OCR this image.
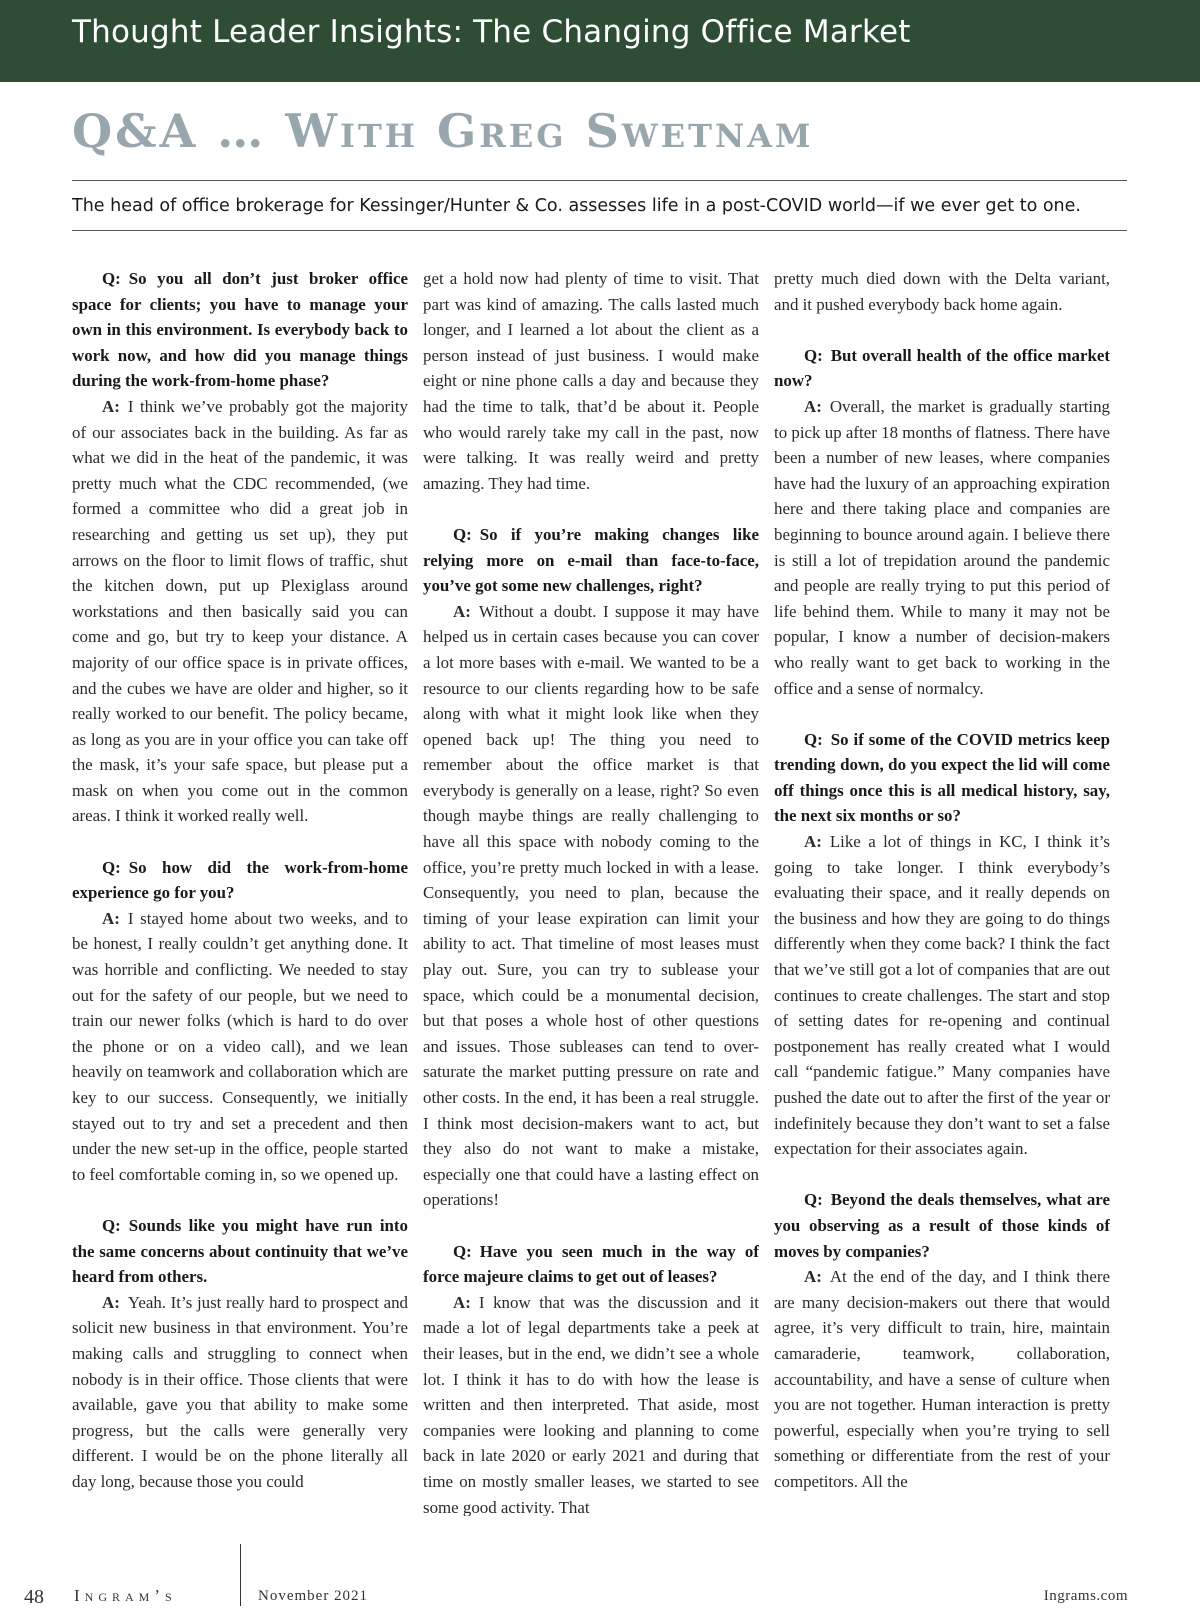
Thought Leader Insights: The Changing Office Market
Q&A … With Greg Swetnam
The head of office brokerage for Kessinger/Hunter & Co. assesses life in a post-COVID world—if we ever get to one.

Q: So you all don’t just broker office space for clients; you have to manage your own in this environment. Is everybody back to work now, and how did you manage things during the work-from-home phase?

A: I think we’ve probably got the majority of our associates back in the building. As far as what we did in the heat of the pandemic, it was pretty much what the CDC recommended, (we formed a committee who did a great job in researching and getting us set up), they put arrows on the floor to limit flows of traffic, shut the kitchen down, put up Plexiglass around workstations and then basically said you can come and go, but try to keep your distance. A majority of our office space is in private offices, and the cubes we have are older and higher, so it really worked to our benefit. The policy became, as long as you are in your office you can take off the mask, it’s your safe space, but please put a mask on when you come out in the common areas. I think it worked really well.

Q: So how did the work-from-home experience go for you?

A: I stayed home about two weeks, and to be honest, I really couldn’t get anything done. It was horrible and conflicting. We needed to stay out for the safety of our people, but we need to train our newer folks (which is hard to do over the phone or on a video call), and we lean heavily on teamwork and collaboration which are key to our success. Consequently, we initially stayed out to try and set a precedent and then under the new set-up in the office, people started to feel comfortable coming in, so we opened up.

Q: Sounds like you might have run into the same concerns about continuity that we’ve heard from others.

A: Yeah. It’s just really hard to prospect and solicit new business in that environment. You’re making calls and struggling to connect when nobody is in their office. Those clients that were available, gave you that ability to make some progress, but the calls were generally very different. I would be on the phone literally all day long, because those you could

get a hold now had plenty of time to visit. That part was kind of amazing. The calls lasted much longer, and I learned a lot about the client as a person instead of just business. I would make eight or nine phone calls a day and because they had the time to talk, that’d be about it. People who would rarely take my call in the past, now were talking. It was really weird and pretty amazing. They had time.

Q: So if you’re making changes like relying more on e-mail than face-to-face, you’ve got some new challenges, right?

A: Without a doubt. I suppose it may have helped us in certain cases because you can cover a lot more bases with e-mail. We wanted to be a resource to our clients regarding how to be safe along with what it might look like when they opened back up! The thing you need to remember about the office market is that everybody is generally on a lease, right? So even though maybe things are really challenging to have all this space with nobody coming to the office, you’re pretty much locked in with a lease. Consequently, you need to plan, because the timing of your lease expiration can limit your ability to act. That timeline of most leases must play out. Sure, you can try to sublease your space, which could be a monumental decision, but that poses a whole host of other questions and issues. Those subleases can tend to over-saturate the market putting pressure on rate and other costs. In the end, it has been a real struggle. I think most decision-makers want to act, but they also do not want to make a mistake, especially one that could have a lasting effect on operations!

Q: Have you seen much in the way of force majeure claims to get out of leases?

A: I know that was the discussion and it made a lot of legal departments take a peek at their leases, but in the end, we didn’t see a whole lot. I think it has to do with how the lease is written and then interpreted. That aside, most companies were looking and planning to come back in late 2020 or early 2021 and during that time on mostly smaller leases, we started to see some good activity. That

pretty much died down with the Delta variant, and it pushed everybody back home again.

Q: But overall health of the office market now?

A: Overall, the market is gradually starting to pick up after 18 months of flatness. There have been a number of new leases, where companies have had the luxury of an approaching expiration here and there taking place and companies are beginning to bounce around again. I believe there is still a lot of trepidation around the pandemic and people are really trying to put this period of life behind them. While to many it may not be popular, I know a number of decision-makers who really want to get back to working in the office and a sense of normalcy.

Q: So if some of the COVID metrics keep trending down, do you expect the lid will come off things once this is all medical history, say, the next six months or so?

A: Like a lot of things in KC, I think it’s going to take longer. I think everybody’s evaluating their space, and it really depends on the business and how they are going to do things differently when they come back? I think the fact that we’ve still got a lot of companies that are out continues to create challenges. The start and stop of setting dates for re-opening and continual postponement has really created what I would call “pandemic fatigue.” Many companies have pushed the date out to after the first of the year or indefinitely because they don’t want to set a false expectation for their associates again.

Q: Beyond the deals themselves, what are you observing as a result of those kinds of moves by companies?

A: At the end of the day, and I think there are many decision-makers out there that would agree, it’s very difficult to train, hire, maintain camaraderie, teamwork, collaboration, accountability, and have a sense of culture when you are not together. Human interaction is pretty powerful, especially when you’re trying to sell something or differentiate from the rest of your competitors. All the

48 Ingram’s	November 2021	Ingrams.com
